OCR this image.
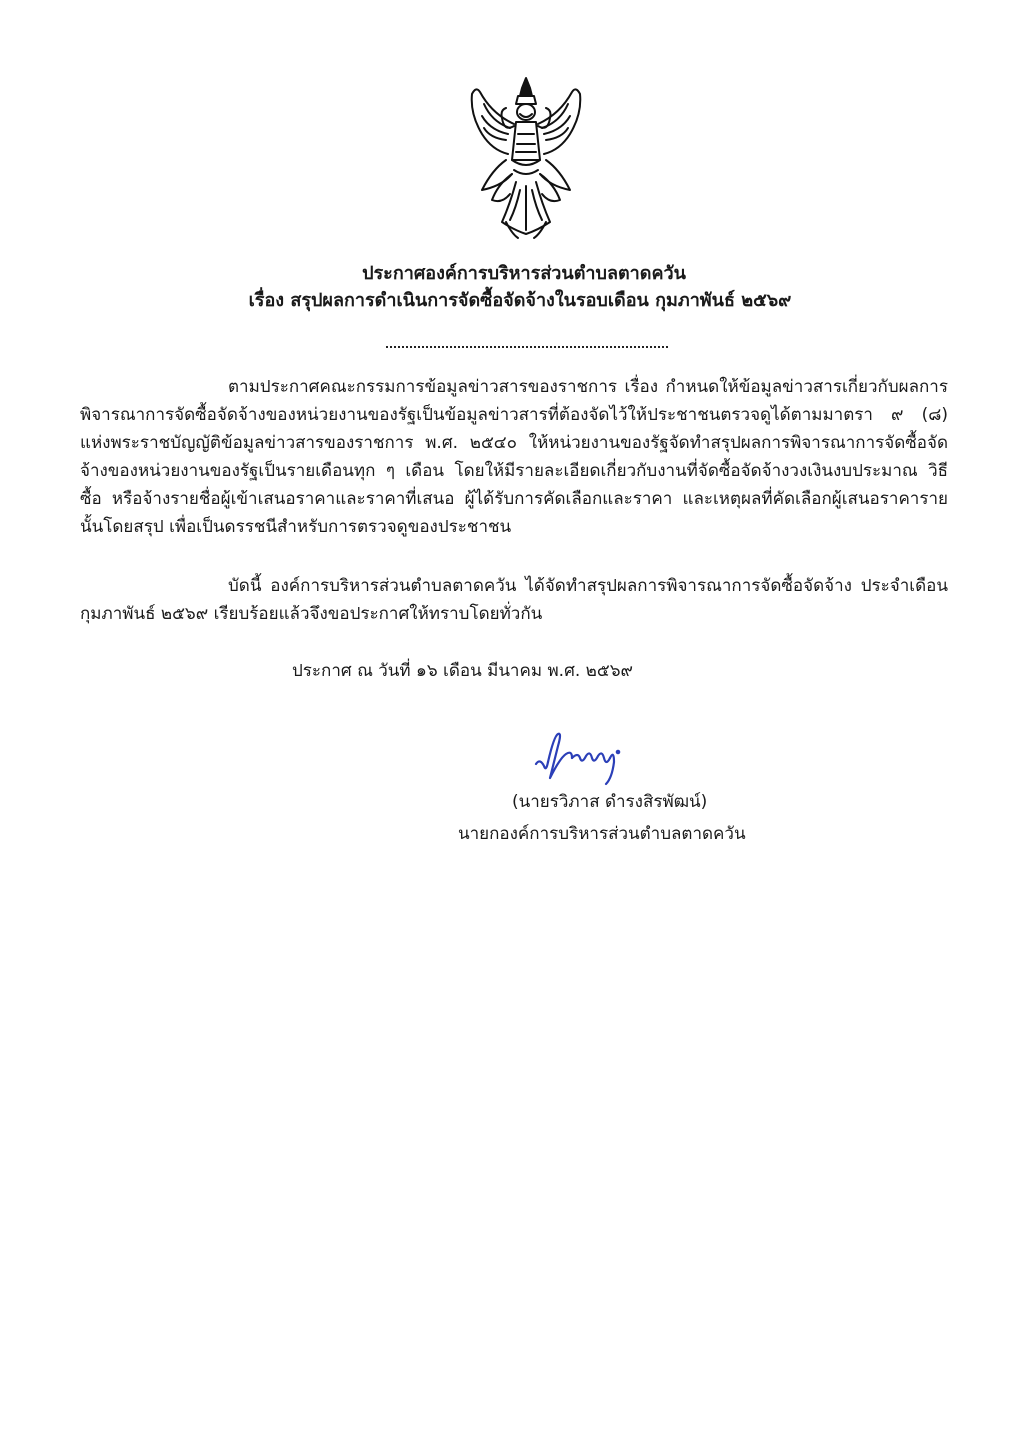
ประกาศองค์การบริหารส่วนตำบลตาดควัน
เรื่อง สรุปผลการดำเนินการจัดซื้อจัดจ้างในรอบเดือน กุมภาพันธ์ ๒๕๖๙
ตามประกาศคณะกรรมการข้อมูลข่าวสารของราชการ เรื่อง กำหนดให้ข้อมูลข่าวสารเกี่ยวกับผลการพิจารณาการจัดซื้อจัดจ้างของหน่วยงานของรัฐเป็นข้อมูลข่าวสารที่ต้องจัดไว้ให้ประชาชนตรวจดูได้ตามมาตรา ๙ (๘) แห่งพระราชบัญญัติข้อมูลข่าวสารของราชการ พ.ศ. ๒๕๔๐ ให้หน่วยงานของรัฐจัดทำสรุปผลการพิจารณาการจัดซื้อจัดจ้างของหน่วยงานของรัฐเป็นรายเดือนทุก ๆ เดือน โดยให้มีรายละเอียดเกี่ยวกับงานที่จัดซื้อจัดจ้างวงเงินงบประมาณ วิธีซื้อ หรือจ้างรายชื่อผู้เข้าเสนอราคาและราคาที่เสนอ ผู้ได้รับการคัดเลือกและราคา และเหตุผลที่คัดเลือกผู้เสนอราคารายนั้นโดยสรุป เพื่อเป็นดรรชนีสำหรับการตรวจดูของประชาชน
บัดนี้ องค์การบริหารส่วนตำบลตาดควัน ได้จัดทำสรุปผลการพิจารณาการจัดซื้อจัดจ้าง ประจำเดือนกุมภาพันธ์ ๒๕๖๙ เรียบร้อยแล้วจึงขอประกาศให้ทราบโดยทั่วกัน
ประกาศ ณ วันที่ ๑๖ เดือน มีนาคม พ.ศ. ๒๕๖๙
(นายรวิภาส ดำรงสิรพัฒน์)
นายกองค์การบริหารส่วนตำบลตาดควัน
